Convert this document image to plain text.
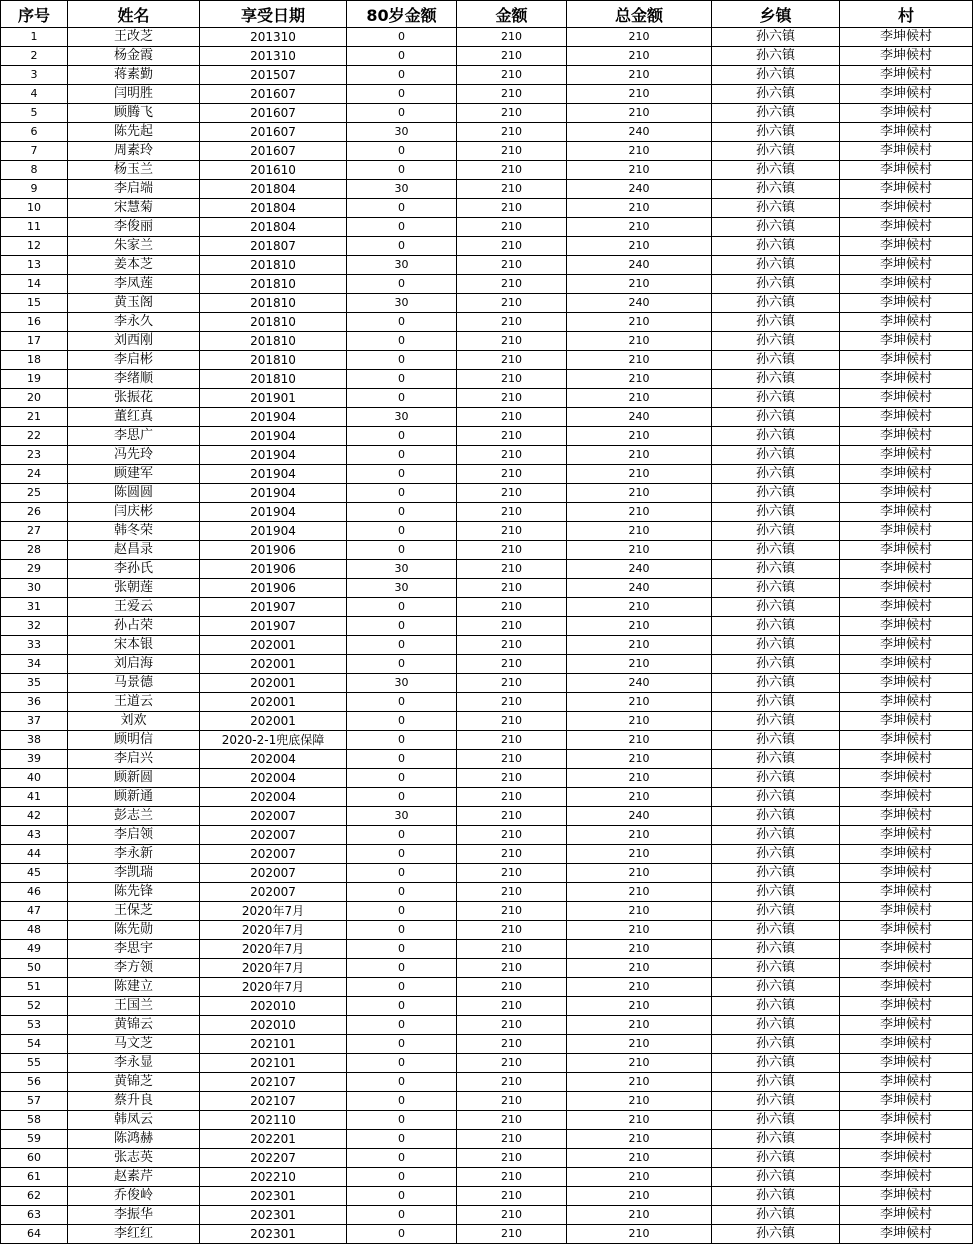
序号	姓名	享受日期	80岁金额	金额	总金额	乡镇	村
1	王改芝	201310	0	210	210	孙六镇	李坤候村
2	杨金霞	201310	0	210	210	孙六镇	李坤候村
3	蒋素勤	201507	0	210	210	孙六镇	李坤候村
4	闫明胜	201607	0	210	210	孙六镇	李坤候村
5	顾腾飞	201607	0	210	210	孙六镇	李坤候村
6	陈先起	201607	30	210	240	孙六镇	李坤候村
7	周素玲	201607	0	210	210	孙六镇	李坤候村
8	杨玉兰	201610	0	210	210	孙六镇	李坤候村
9	李启端	201804	30	210	240	孙六镇	李坤候村
10	宋慧菊	201804	0	210	210	孙六镇	李坤候村
11	李俊丽	201804	0	210	210	孙六镇	李坤候村
12	朱家兰	201807	0	210	210	孙六镇	李坤候村
13	姜本芝	201810	30	210	240	孙六镇	李坤候村
14	李凤莲	201810	0	210	210	孙六镇	李坤候村
15	黄玉阁	201810	30	210	240	孙六镇	李坤候村
16	李永久	201810	0	210	210	孙六镇	李坤候村
17	刘西刚	201810	0	210	210	孙六镇	李坤候村
18	李启彬	201810	0	210	210	孙六镇	李坤候村
19	李绪顺	201810	0	210	210	孙六镇	李坤候村
20	张振花	201901	0	210	210	孙六镇	李坤候村
21	董红真	201904	30	210	240	孙六镇	李坤候村
22	李思广	201904	0	210	210	孙六镇	李坤候村
23	冯先玲	201904	0	210	210	孙六镇	李坤候村
24	顾建军	201904	0	210	210	孙六镇	李坤候村
25	陈圆圆	201904	0	210	210	孙六镇	李坤候村
26	闫庆彬	201904	0	210	210	孙六镇	李坤候村
27	韩冬荣	201904	0	210	210	孙六镇	李坤候村
28	赵昌录	201906	0	210	210	孙六镇	李坤候村
29	李孙氏	201906	30	210	240	孙六镇	李坤候村
30	张朝莲	201906	30	210	240	孙六镇	李坤候村
31	王爱云	201907	0	210	210	孙六镇	李坤候村
32	孙占荣	201907	0	210	210	孙六镇	李坤候村
33	宋本银	202001	0	210	210	孙六镇	李坤候村
34	刘启海	202001	0	210	210	孙六镇	李坤候村
35	马景德	202001	30	210	240	孙六镇	李坤候村
36	王道云	202001	0	210	210	孙六镇	李坤候村
37	刘欢	202001	0	210	210	孙六镇	李坤候村
38	顾明信	2020-2-1兜底保障	0	210	210	孙六镇	李坤候村
39	李启兴	202004	0	210	210	孙六镇	李坤候村
40	顾新圆	202004	0	210	210	孙六镇	李坤候村
41	顾新通	202004	0	210	210	孙六镇	李坤候村
42	彭志兰	202007	30	210	240	孙六镇	李坤候村
43	李启领	202007	0	210	210	孙六镇	李坤候村
44	李永新	202007	0	210	210	孙六镇	李坤候村
45	李凯瑞	202007	0	210	210	孙六镇	李坤候村
46	陈先锋	202007	0	210	210	孙六镇	李坤候村
47	王保芝	2020年7月	0	210	210	孙六镇	李坤候村
48	陈先勋	2020年7月	0	210	210	孙六镇	李坤候村
49	李思宇	2020年7月	0	210	210	孙六镇	李坤候村
50	李方领	2020年7月	0	210	210	孙六镇	李坤候村
51	陈建立	2020年7月	0	210	210	孙六镇	李坤候村
52	王国兰	202010	0	210	210	孙六镇	李坤候村
53	黄锦云	202010	0	210	210	孙六镇	李坤候村
54	马文芝	202101	0	210	210	孙六镇	李坤候村
55	李永显	202101	0	210	210	孙六镇	李坤候村
56	黄锦芝	202107	0	210	210	孙六镇	李坤候村
57	蔡升良	202107	0	210	210	孙六镇	李坤候村
58	韩凤云	202110	0	210	210	孙六镇	李坤候村
59	陈鸿赫	202201	0	210	210	孙六镇	李坤候村
60	张志英	202207	0	210	210	孙六镇	李坤候村
61	赵素芹	202210	0	210	210	孙六镇	李坤候村
62	乔俊岭	202301	0	210	210	孙六镇	李坤候村
63	李振华	202301	0	210	210	孙六镇	李坤候村
64	李红红	202301	0	210	210	孙六镇	李坤候村
